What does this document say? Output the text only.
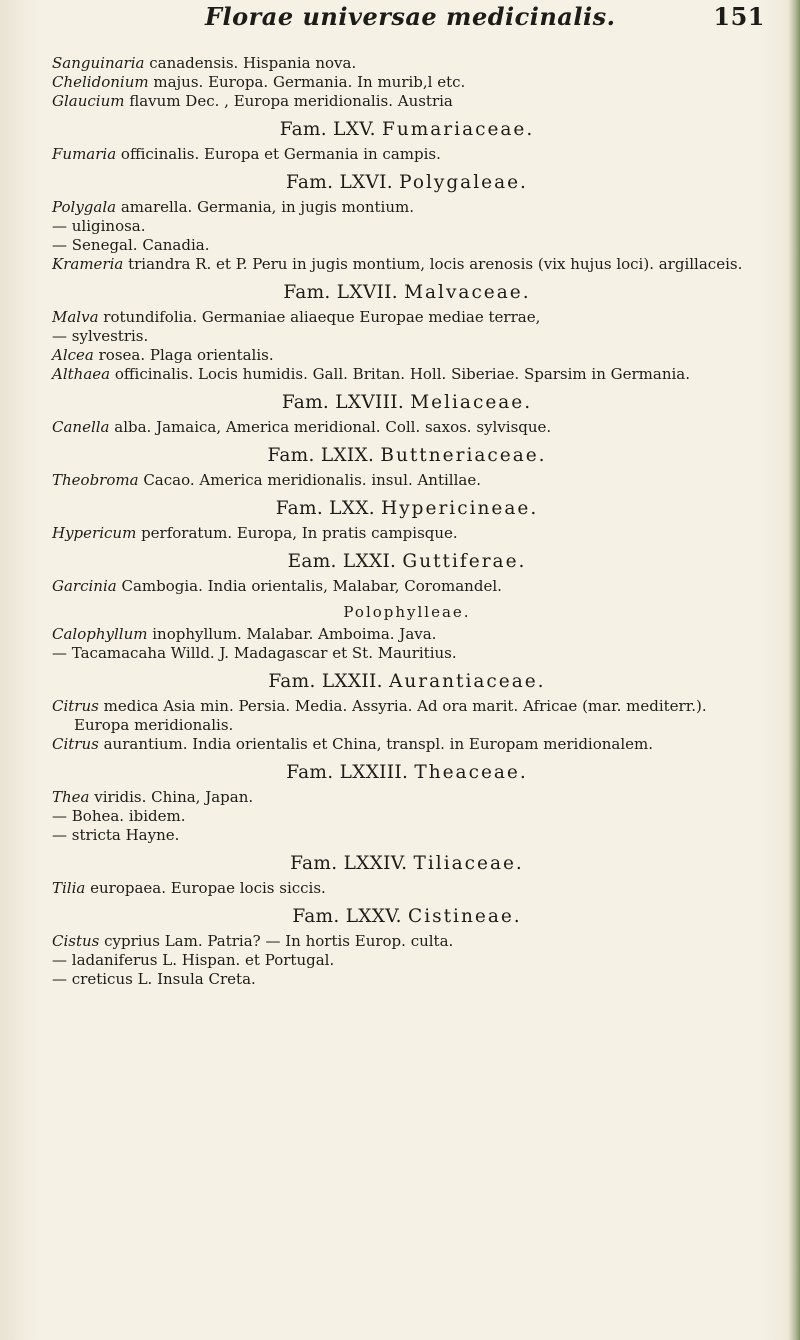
Florae universae medicinalis.	151

Sanguinaria canadensis. Hispania nova.

Chelidonium majus. Europa. Germania. In murib,l etc.

Glaucium flavum Dec. , Europa meridionalis. Austria

Fam. LXV. Fumariaceae.

Fumaria officinalis. Europa et Germania in campis.

Fam. LXVI. Polygaleae.

Polygala amarella. Germania, in jugis montium.

— uliginosa.

— Senegal. Canadia.

Krameria triandra R. et P. Peru in jugis montium, locis arenosis (vix hujus loci). argillaceis.

Fam. LXVII. Malvaceae.

Malva rotundifolia. Germaniae aliaeque Europae mediae terrae,

— sylvestris.

Alcea rosea. Plaga orientalis.

Althaea officinalis. Locis humidis. Gall. Britan. Holl. Siberiae. Sparsim in Germania.

Fam. LXVIII. Meliaceae.

Canella alba. Jamaica, America meridional. Coll. saxos. sylvisque.

Fam. LXIX. Buttneriaceae.

Theobroma Cacao. America meridionalis. insul. Antillae.

Fam. LXX. Hypericineae.

Hypericum perforatum. Europa, In pratis campisque.

Eam. LXXI. Guttiferae.

Garcinia Cambogia. India orientalis, Malabar, Coromandel.

Polophylleae.

Calophyllum inophyllum. Malabar. Amboima. Java.

— Tacamacaha Willd. J. Madagascar et St. Mauritius.

Fam. LXXII. Aurantiaceae.

Citrus medica Asia min. Persia. Media. Assyria. Ad ora marit. Africae (mar. mediterr.). Europa meridionalis.

Citrus aurantium. India orientalis et China, transpl. in Europam meridionalem.

Fam. LXXIII. Theaceae.

Thea viridis. China, Japan.

— Bohea. ibidem.

— stricta Hayne.

Fam. LXXIV. Tiliaceae.

Tilia europaea. Europae locis siccis.

Fam. LXXV. Cistineae.

Cistus cyprius Lam. Patria? — In hortis Europ. culta.

— ladaniferus L. Hispan. et Portugal.

— creticus L. Insula Creta.
